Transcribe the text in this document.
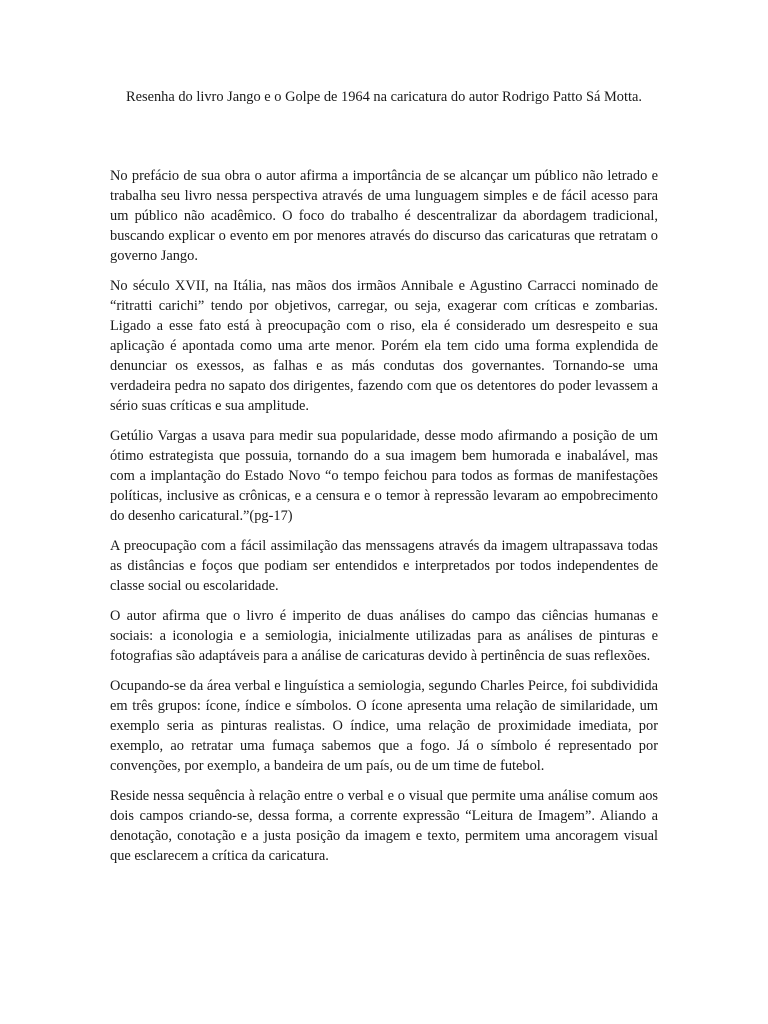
Resenha do livro Jango e o Golpe de 1964 na caricatura do autor Rodrigo Patto Sá Motta.

No prefácio de sua obra o autor afirma a importância de se alcançar um público não letrado e trabalha seu livro nessa perspectiva através de uma lunguagem simples e de fácil acesso para um público não acadêmico. O foco do trabalho é descentralizar da abordagem tradicional, buscando explicar o evento em por menores através do discurso das caricaturas que retratam o governo Jango.

No século XVII, na Itália, nas mãos dos irmãos Annibale e Agustino Carracci nominado de “ritratti carichi” tendo por objetivos, carregar, ou seja, exagerar com críticas e zombarias. Ligado a esse fato está à preocupação com o riso, ela é considerado um desrespeito e sua aplicação é apontada como uma arte menor. Porém ela tem cido uma forma explendida de denunciar os exessos, as falhas e as más condutas dos governantes. Tornando-se uma verdadeira pedra no sapato dos dirigentes, fazendo com que os detentores do poder levassem a sério suas críticas e sua amplitude.

Getúlio Vargas a usava para medir sua popularidade, desse modo afirmando a posição de um ótimo estrategista que possuia, tornando do a sua imagem bem humorada e inabalável, mas com a implantação do Estado Novo “o tempo feichou para todos as formas de manifestações políticas, inclusive as crônicas, e a censura e o temor à repressão levaram ao empobrecimento do desenho caricatural.”(pg-17)

A preocupação com a fácil assimilação das menssagens através da imagem ultrapassava todas as distâncias e foços que podiam ser entendidos e interpretados por todos independentes de classe social ou escolaridade.

O autor afirma que o livro é imperito de duas análises do campo das ciências humanas e sociais: a iconologia e a semiologia, inicialmente utilizadas para as análises de pinturas e fotografias são adaptáveis para a análise de caricaturas devido à pertinência de suas reflexões.

Ocupando-se da área verbal e linguística a semiologia, segundo Charles Peirce, foi subdividida em três grupos: ícone, índice e símbolos. O ícone apresenta uma relação de similaridade, um exemplo seria as pinturas realistas. O índice, uma relação de proximidade imediata, por exemplo, ao retratar uma fumaça sabemos que a fogo. Já o símbolo é representado por convenções, por exemplo, a bandeira de um país, ou de um time de futebol.

Reside nessa sequência à relação entre o verbal e o visual que permite uma análise comum aos dois campos criando-se, dessa forma, a corrente expressão “Leitura de Imagem”. Aliando a denotação, conotação e a justa posição da imagem e texto, permitem uma ancoragem visual que esclarecem a crítica da caricatura.
